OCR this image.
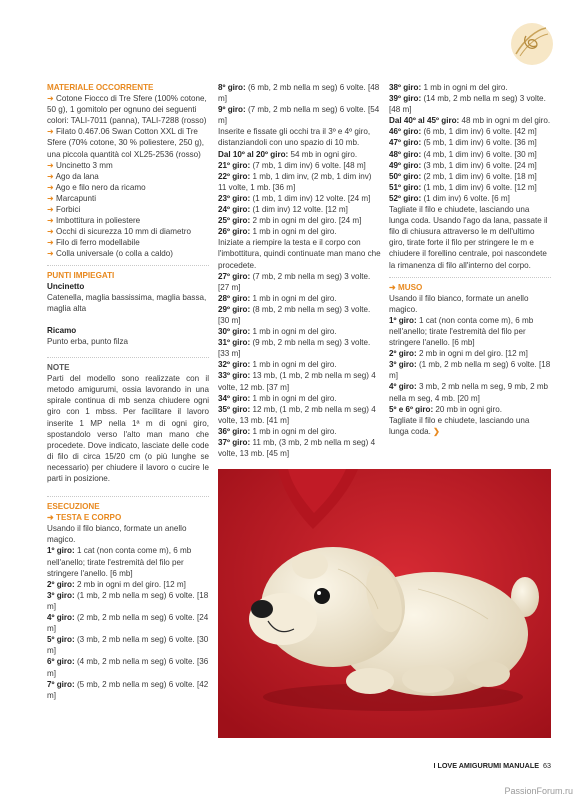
MATERIALE OCCORRENTE

➜ Cotone Fiocco di Tre Sfere (100% cotone, 50 g), 1 gomitolo per ognuno dei seguenti colori: TALI-7011 (panna), TALI-7288 (rosso)

➜ Filato 0.467.06 Swan Cotton XXL di Tre Sfere (70% cotone, 30 % poliestere, 250 g), una piccola quantità col XL25-2536 (rosso)

➜ Uncinetto 3 mm

➜ Ago da lana

➜ Ago e filo nero da ricamo

➜ Marcapunti

➜ Forbici

➜ Imbottitura in poliestere

➜ Occhi di sicurezza 10 mm di diametro

➜ Filo di ferro modellabile

➜ Colla universale (o colla a caldo)

PUNTI IMPIEGATI

Uncinetto

Catenella, maglia bassissima, maglia bassa, maglia alta

Ricamo

Punto erba, punto filza

NOTE

Parti del modello sono realizzate con il metodo amigurumi, ossia lavorando in una spirale continua di mb senza chiudere ogni giro con 1 mbss. Per facilitare il lavoro inserite 1 MP nella 1ª m di ogni giro, spostandolo verso l'alto man mano che procedete. Dove indicato, lasciate delle code di filo di circa 15/20 cm (o più lunghe se necessario) per chiudere il lavoro o cucire le parti in posizione.

ESECUZIONE

➜ TESTA E CORPO

Usando il filo bianco, formate un anello magico.

1º giro: 1 cat (non conta come m), 6 mb nell'anello; tirate l'estremità del filo per stringere l'anello. [6 mb]

2º giro: 2 mb in ogni m del giro. [12 m]

3º giro: (1 mb, 2 mb nella m seg) 6 volte. [18 m]

4º giro: (2 mb, 2 mb nella m seg) 6 volte. [24 m]

5º giro: (3 mb, 2 mb nella m seg) 6 volte. [30 m]

6º giro: (4 mb, 2 mb nella m seg) 6 volte. [36 m]

7º giro: (5 mb, 2 mb nella m seg) 6 volte. [42 m]

8º giro: (6 mb, 2 mb nella m seg) 6 volte. [48 m]

9º giro: (7 mb, 2 mb nella m seg) 6 volte. [54 m]

Inserite e fissate gli occhi tra il 3º e 4º giro, distanziandoli con uno spazio di 10 mb.

Dal 10º al 20º giro: 54 mb in ogni giro.

21º giro: (7 mb, 1 dim inv) 6 volte. [48 m]

22º giro: 1 mb, 1 dim inv, (2 mb, 1 dim inv) 11 volte, 1 mb. [36 m]

23º giro: (1 mb, 1 dim inv) 12 volte. [24 m]

24º giro: (1 dim inv) 12 volte. [12 m]

25º giro: 2 mb in ogni m del giro. [24 m]

26º giro: 1 mb in ogni m del giro.

Iniziate a riempire la testa e il corpo con l'imbottitura, quindi continuate man mano che procedete.

27º giro: (7 mb, 2 mb nella m seg) 3 volte. [27 m]

28º giro: 1 mb in ogni m del giro.

29º giro: (8 mb, 2 mb nella m seg) 3 volte. [30 m]

30º giro: 1 mb in ogni m del giro.

31º giro: (9 mb, 2 mb nella m seg) 3 volte. [33 m]

32º giro: 1 mb in ogni m del giro.

33º giro: 13 mb, (1 mb, 2 mb nella m seg) 4 volte, 12 mb. [37 m]

34º giro: 1 mb in ogni m del giro.

35º giro: 12 mb, (1 mb, 2 mb nella m seg) 4 volte, 13 mb. [41 m]

36º giro: 1 mb in ogni m del giro.

37º giro: 11 mb, (3 mb, 2 mb nella m seg) 4 volte, 13 mb. [45 m]

38º giro: 1 mb in ogni m del giro.

39º giro: (14 mb, 2 mb nella m seg) 3 volte. [48 m]

Dal 40º al 45º giro: 48 mb in ogni m del giro.

46º giro: (6 mb, 1 dim inv) 6 volte. [42 m]

47º giro: (5 mb, 1 dim inv) 6 volte. [36 m]

48º giro: (4 mb, 1 dim inv) 6 volte. [30 m]

49º giro: (3 mb, 1 dim inv) 6 volte. [24 m]

50º giro: (2 mb, 1 dim inv) 6 volte. [18 m]

51º giro: (1 mb, 1 dim inv) 6 volte. [12 m]

52º giro: (1 dim inv) 6 volte. [6 m]

Tagliate il filo e chiudete, lasciando una lunga coda. Usando l'ago da lana, passate il filo di chiusura attraverso le m dell'ultimo giro, tirate forte il filo per stringere le m e chiudere il forellino centrale, poi nascondete la rimanenza di filo all'interno del corpo.

➜ MUSO

Usando il filo bianco, formate un anello magico.

1º giro: 1 cat (non conta come m), 6 mb nell'anello; tirate l'estremità del filo per stringere l'anello. [6 mb]

2º giro: 2 mb in ogni m del giro. [12 m]

3º giro: (1 mb, 2 mb nella m seg) 6 volte. [18 m]

4º giro: 3 mb, 2 mb nella m seg, 9 mb, 2 mb nella m seg, 4 mb. [20 m]

5º e 6º giro: 20 mb in ogni giro.

Tagliate il filo e chiudete, lasciando una lunga coda. ❯

I LOVE AMIGURUMI MANUALE 63
PassionForum.ru
